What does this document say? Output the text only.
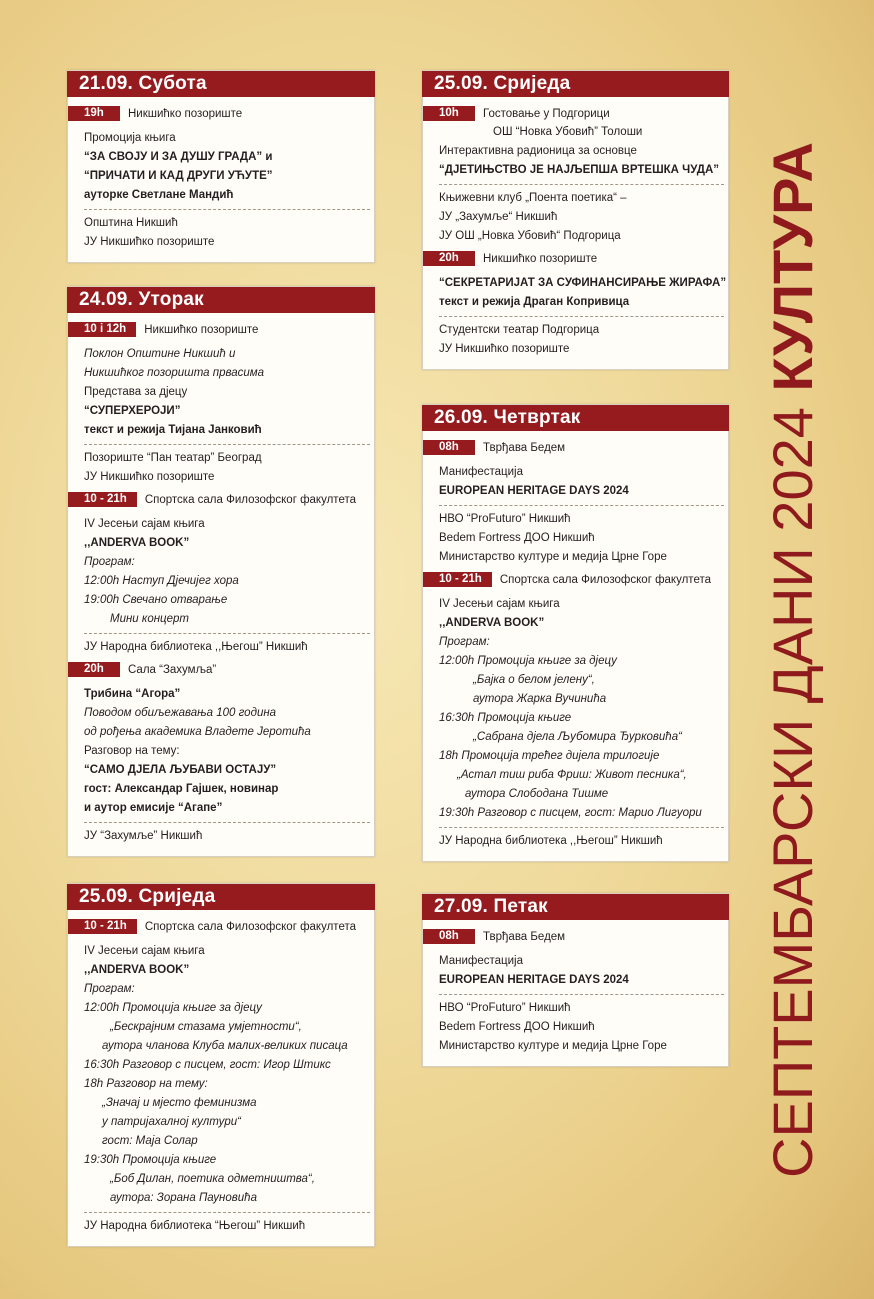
21.09. Субота
19h	Никшићко позориште
Промоција књига
“ЗА СВОЈУ И ЗА ДУШУ ГРАДА” и
“ПРИЧАТИ И КАД ДРУГИ УЋУТЕ”
ауторке Светлане Мандић
Општина Никшић
ЈУ Никшићко позориште
24.09. Уторак
10 i 12h	Никшићко позориште
Поклон Општине Никшић и
Никшићког позоришта прваcима
Представа за дјецу
“СУПЕРХЕРОЈИ”
текст и режија Тијана Јанковић
Позориште “Пан театар” Београд
ЈУ Никшићко позориште
10 - 21h	Спортска сала Филозофског факултета
IV Јесењи сајам књига
,,ANDERVA BOOK”
Програм:
12:00h Наступ Дјечијег хора
19:00h Свечано отварање
Мини концерт
ЈУ Народна библиотека ,,Његош” Никшић
20h	Сала “Захумља”
Трибина “Агора”
Поводом обиљежавања 100 година
од рођења академика Владете Јеротића
Разговор на тему:
“САМО ДЈЕЛА ЉУБАВИ ОСТАЈУ”
гост: Александар Гајшек, новинар
и аутор емисије “Агапе”
ЈУ “Захумље” Никшић
25.09. Сриједа
10 - 21h	Спортска сала Филозофског факултета
IV Јесењи сајам књига
,,ANDERVA BOOK”
Програм:
12:00h Промоција књиге за дјецу
„Бескрајним стазама умјетности“,
аутора чланова Клуба малих-великих писаца
16:30h Разговор с писцем, гост: Игор Штикс
18h Разговор на тему:
„Значај и мјесто феминизма
у патријахалној култури“
гост: Маја Солар
19:30h Промоција књиге
„Боб Дилан, поетика одметништва“,
аутора: Зорана Пауновића
ЈУ Народна библиотека “Његош” Никшић
25.09. Сриједа
10h	Гостовање у Подгорици
ОШ “Новка Убовић” Толоши
Интерактивна радионица за основце
“ДЈЕТИЊСТВО ЈЕ НАЈЉЕПША ВРТЕШКА ЧУДА”
Књижевни клуб „Поента поетика“ –
ЈУ „Захумље“ Никшић
ЈУ ОШ „Новка Убовић“ Подгорица
20h	Никшићко позориште
“СЕКРЕТАРИЈАТ ЗА СУФИНАНСИРАЊЕ ЖИРАФА”
текст и режија Драган Копривица
Студентски театар Подгорица
ЈУ Никшићко позориште
26.09. Четвртак
08h	Тврђава Бедем
Манифестација
EUROPEAN HERITAGE DAYS 2024
НВО “ProFuturo” Никшић
Bedem Fortress ДОО Никшић
Министарство културе и медија Црне Горе
10 - 21h	Спортска сала Филозофског факултета
IV Јесењи сајам књига
,,ANDERVA BOOK”
Програм:
12:00h Промоција књиге за дјецу
„Бајка о белом јелену“,
аутора Жарка Вучинића
16:30h Промоција књиге
„Сабрана дјела Љубомира Ђурковића“
18h Промоција трећег дијела трилогије
„Астал тиш риба Фриш: Живот песника“,
аутора Слободана Тишме
19:30h Разговор с писцем, гост: Марио Лигуори
ЈУ Народна библиотека ,,Његош” Никшић
27.09. Петак
08h	Тврђава Бедем
Манифестација
EUROPEAN HERITAGE DAYS 2024
НВО “ProFuturo” Никшић
Bedem Fortress ДОО Никшић
Министарство културе и медија Црне Горе	СЕПТЕМБАРСКИ ДАНИ 2024 КУЛТУРА
